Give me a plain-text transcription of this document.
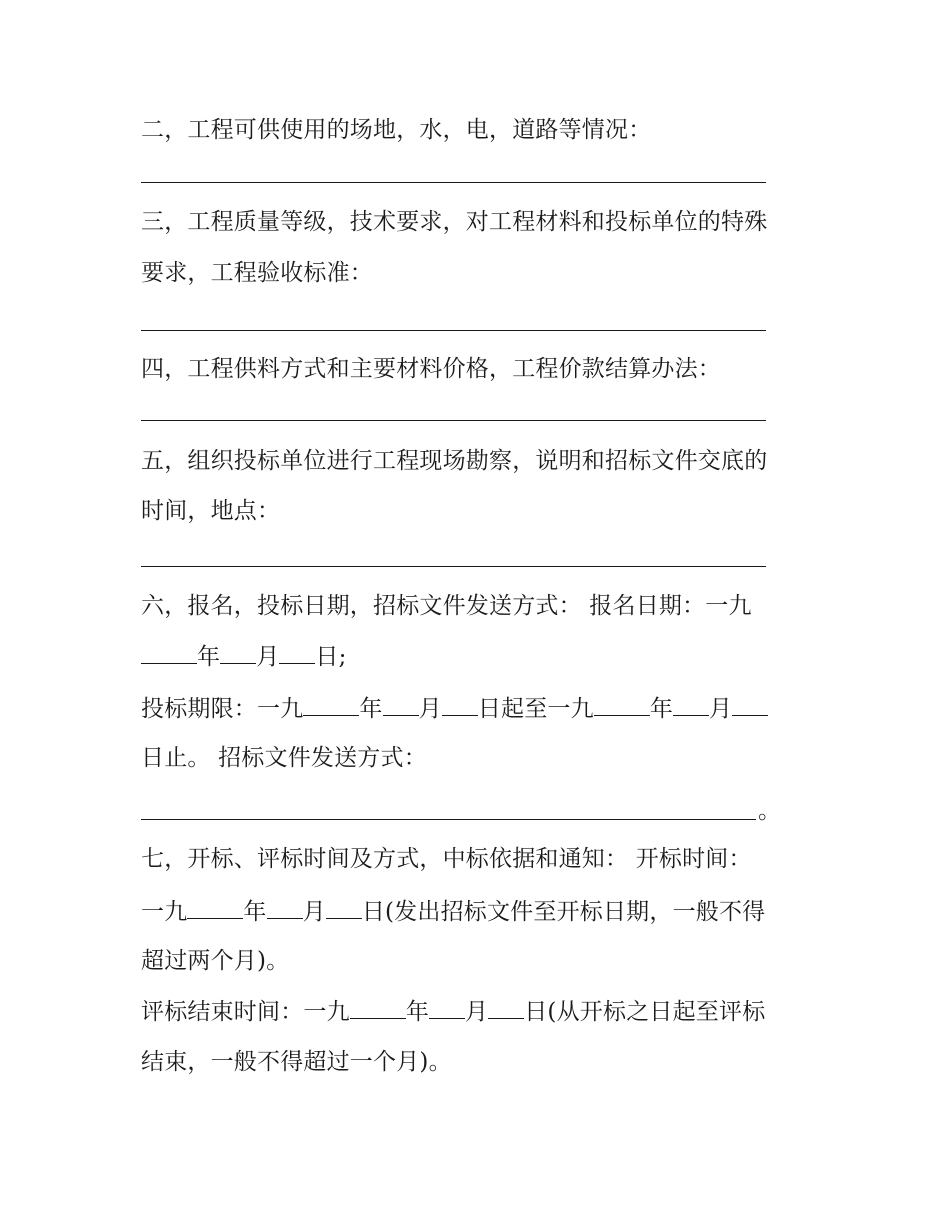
二，工程可供使用的场地，水，电，道路等情况：
三，工程质量等级，技术要求，对工程材料和投标单位的特殊
要求，工程验收标准：
四，工程供料方式和主要材料价格，工程价款结算办法：
五，组织投标单位进行工程现场勘察，说明和招标文件交底的
时间，地点：
六，报名，投标日期，招标文件发送方式： 报名日期：一九
年 月 日;
投标期限：一九 年 月 日起至一九 年 月
日止。 招标文件发送方式：
。
七，开标、评标时间及方式，中标依据和通知： 开标时间：
一九 年 月 日(发出招标文件至开标日期，一般不得
超过两个月)。
评标结束时间：一九 年 月 日(从开标之日起至评标
结束，一般不得超过一个月)。
